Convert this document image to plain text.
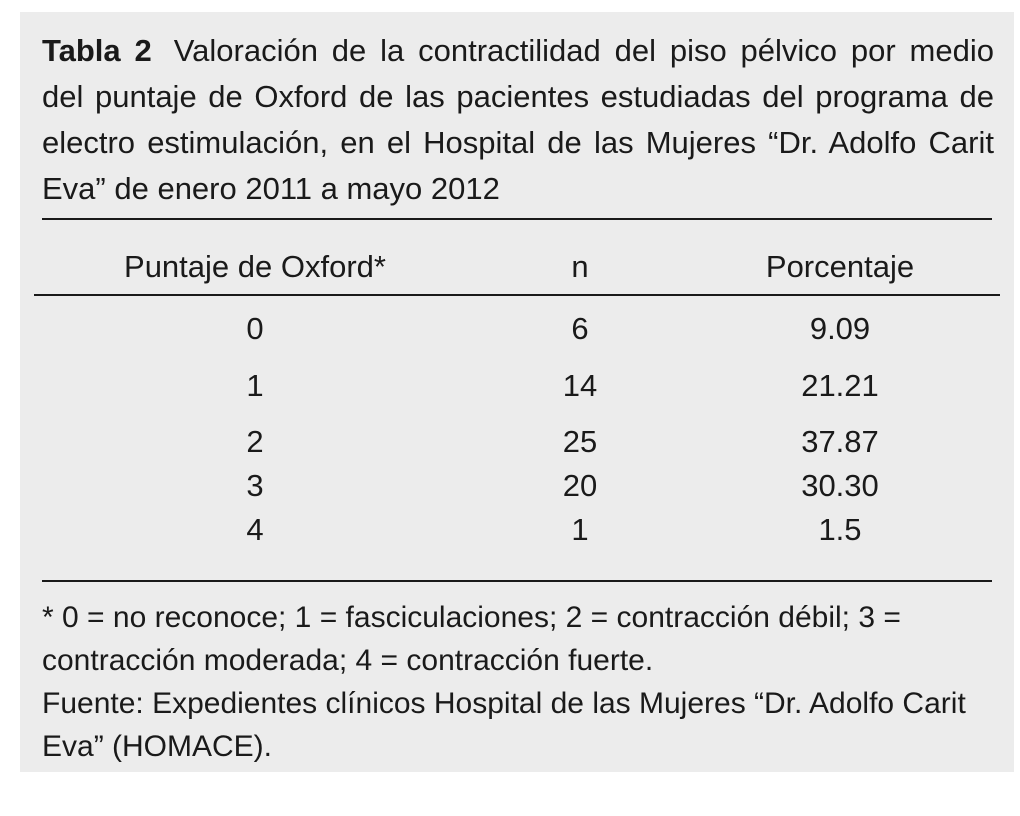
Tabla 2 Valoración de la contractilidad del piso pélvico por medio del puntaje de Oxford de las pacientes estudiadas del programa de electro estimulación, en el Hospital de las Mujeres “Dr. Adolfo Carit Eva” de enero 2011 a mayo 2012
Puntaje de Oxford*	n	Porcentaje
0	6	9.09
1	14	21.21
2	25	37.87
3	20	30.30
4	1	1.5

* 0 = no reconoce; 1 = fasciculaciones; 2 = contracción débil; 3 = contracción moderada; 4 = contracción fuerte.

Fuente: Expedientes clínicos Hospital de las Mujeres “Dr. Adolfo Carit Eva” (HOMACE).
